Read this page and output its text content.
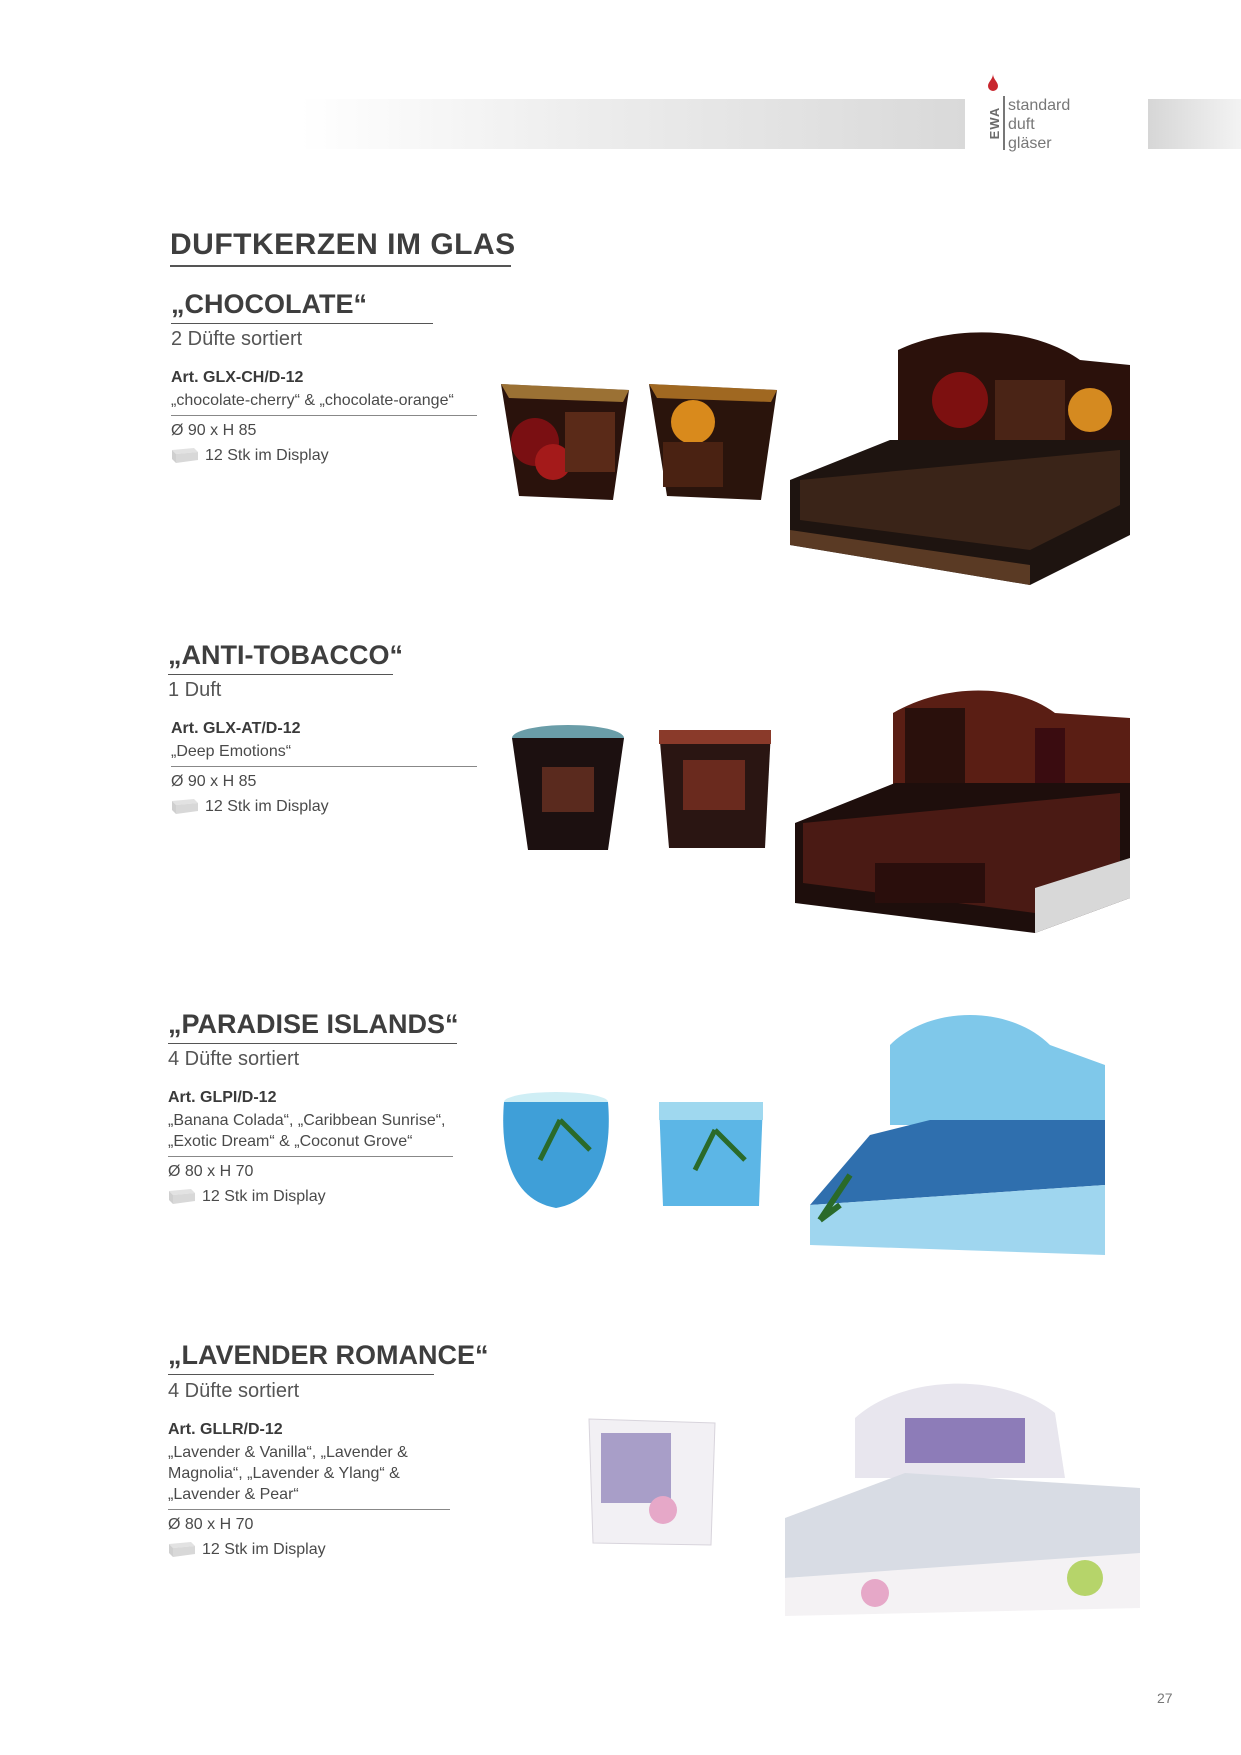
EWA
standard
duft
gläser
DUFTKERZEN IM GLAS
„CHOCOLATE“
2 Düfte sortiert
Art. GLX-CH/D-12
„chocolate-cherry“ & „chocolate-orange“
Ø 90 x H 85
12 Stk im Display
„ANTI-TOBACCO“
1 Duft
Art. GLX-AT/D-12
„Deep Emotions“
Ø 90 x H 85
12 Stk im Display
„PARADISE ISLANDS“
4 Düfte sortiert
Art. GLPI/D-12
„Banana Colada“, „Caribbean Sunrise“, „Exotic Dream“ & „Coconut Grove“
Ø 80 x H 70
12 Stk im Display
„LAVENDER ROMANCE“
4 Düfte sortiert
Art. GLLR/D-12
„Lavender & Vanilla“, „Lavender & Magnolia“, „Lavender & Ylang“ & „Lavender & Pear“
Ø 80 x H 70
12 Stk im Display
27
